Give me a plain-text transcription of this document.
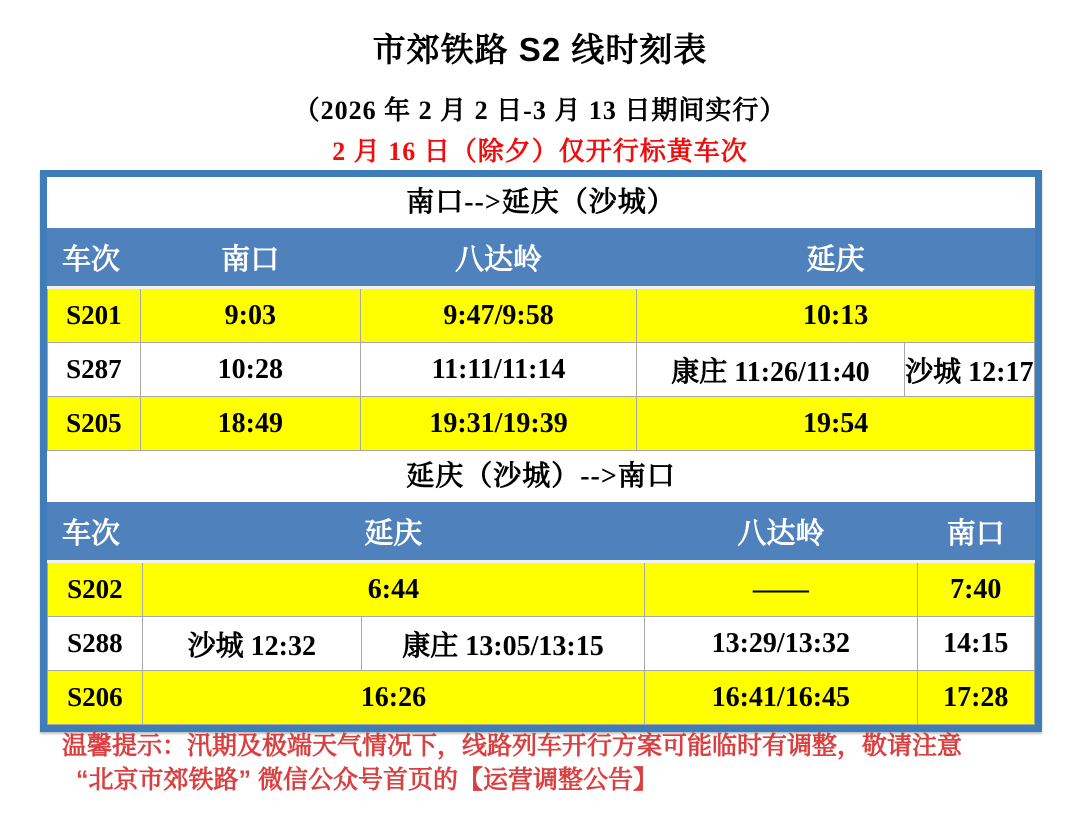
市郊铁路 S2 线时刻表
（2026 年 2 月 2 日-3 月 13 日期间实行）
2 月 16 日（除夕）仅开行标黄车次
南口-->延庆（沙城）
车次	南口	八达岭	延庆	
S201	9:03	9:47/9:58	10:13	
S287	10:28	11:11/11:14	康庄 11:26/11:40	沙城 12:17
S205	18:49	19:31/19:39	19:54	
延庆（沙城）-->南口
车次	延庆		八达岭	南口
S202	6:44		——	7:40
S288	沙城 12:32	康庄 13:05/13:15	13:29/13:32	14:15
S206	16:26		16:41/16:45	17:28
温馨提示：汛期及极端天气情况下，线路列车开行方案可能临时有调整，敬请注意
“北京市郊铁路” 微信公众号首页的【运营调整公告】
